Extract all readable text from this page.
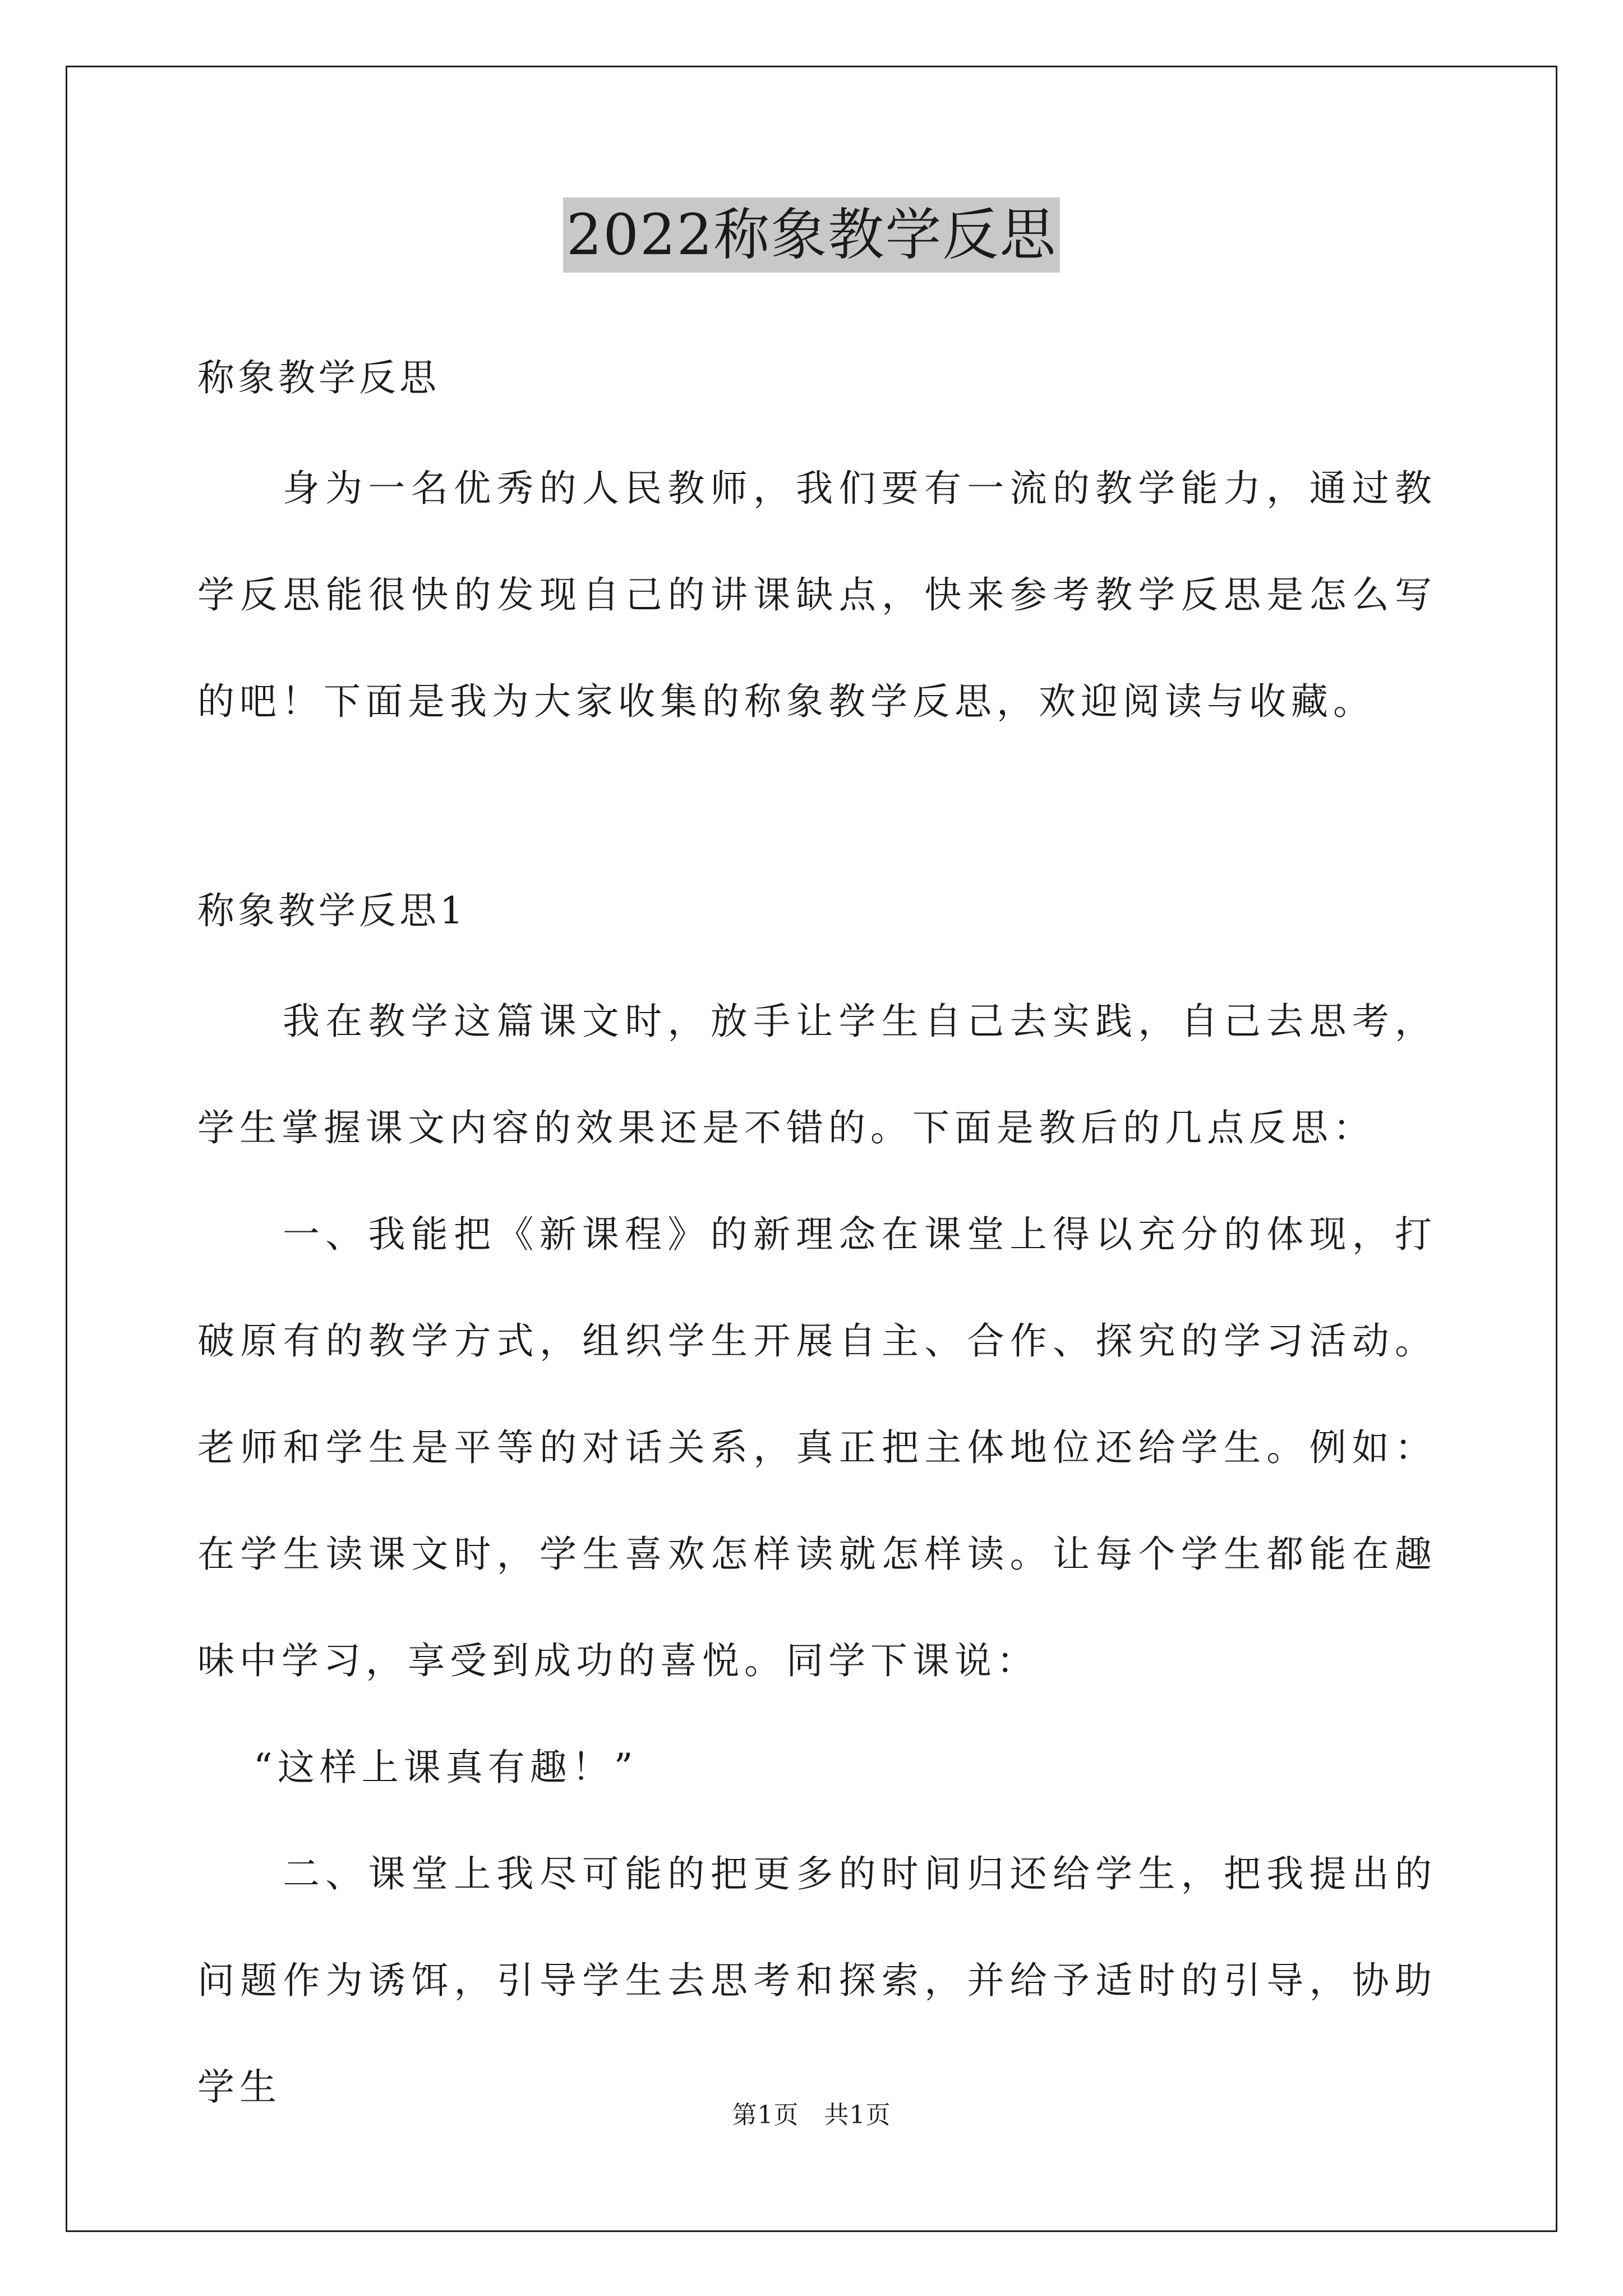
2022称象教学反思
称象教学反思
身为一名优秀的人民教师，我们要有一流的教学能力，通过教学反思能很快的发现自己的讲课缺点，快来参考教学反思是怎么写的吧！下面是我为大家收集的称象教学反思，欢迎阅读与收藏。
称象教学反思1
我在教学这篇课文时，放手让学生自己去实践，自己去思考，学生掌握课文内容的效果还是不错的。下面是教后的几点反思：
一、我能把《新课程》的新理念在课堂上得以充分的体现，打破原有的教学方式，组织学生开展自主、合作、探究的学习活动。老师和学生是平等的对话关系，真正把主体地位还给学生。例如：在学生读课文时，学生喜欢怎样读就怎样读。让每个学生都能在趣味中学习，享受到成功的喜悦。同学下课说：
“这样上课真有趣！”
二、课堂上我尽可能的把更多的时间归还给学生，把我提出的问题作为诱饵，引导学生去思考和探索，并给予适时的引导，协助学生
第1页　共1页
